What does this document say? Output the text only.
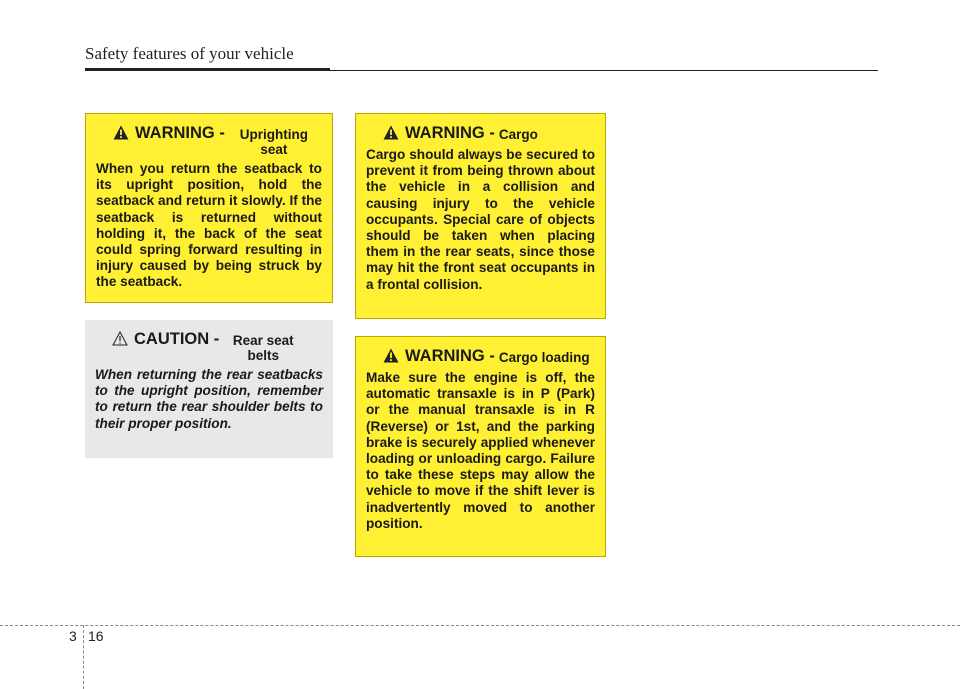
Safety features of your vehicle
WARNING -	Uprighting seat
When you return the seatback to its upright position, hold the seatback and return it slowly. If the seatback is returned without holding it, the back of the seat could spring forward resulting in injury caused by being struck by the seatback.
CAUTION -	Rear seat belts
When returning the rear seatbacks to the upright position, remember to return the rear shoulder belts to their proper position.
WARNING - Cargo
Cargo should always be secured to prevent it from being thrown about the vehicle in a collision and causing injury to the vehicle occupants. Special care of objects should be taken when placing them in the rear seats, since those may hit the front seat occupants in a frontal collision.
WARNING - Cargo loading
Make sure the engine is off, the automatic transaxle is in P (Park) or the manual transaxle is in R (Reverse) or 1st, and the parking brake is securely applied whenever loading or unloading cargo. Failure to take these steps may allow the vehicle to move if the shift lever is inadvertently moved to another position.
3 16
